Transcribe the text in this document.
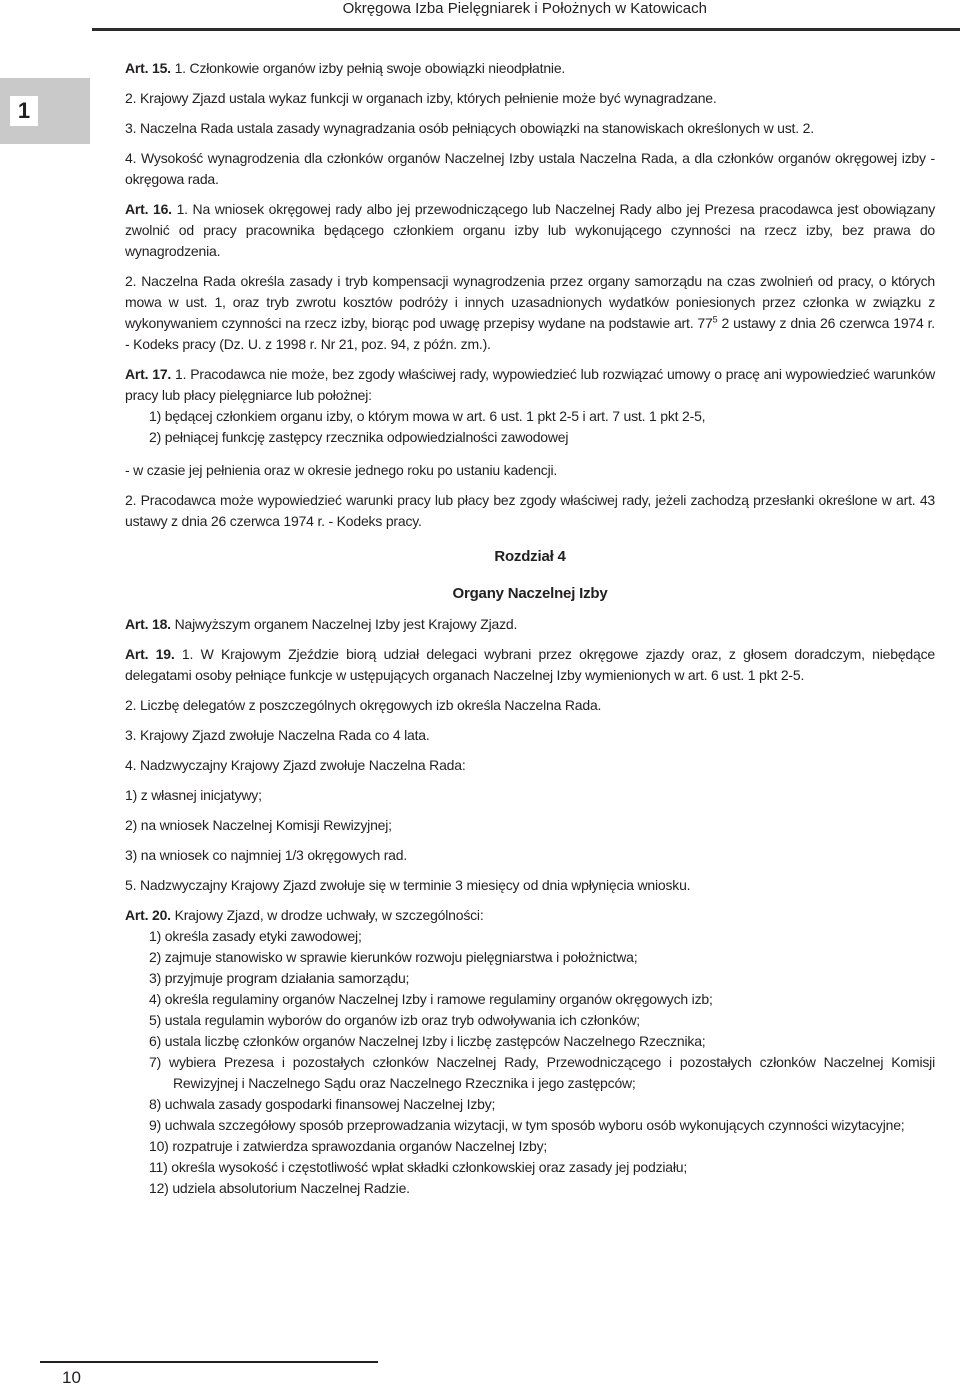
Okręgowa Izba Pielęgniarek i Położnych w Katowicach
1

Art. 15. 1. Członkowie organów izby pełnią swoje obowiązki nieodpłatnie.

2. Krajowy Zjazd ustala wykaz funkcji w organach izby, których pełnienie może być wynagradzane.

3. Naczelna Rada ustala zasady wynagradzania osób pełniących obowiązki na stanowiskach określonych w ust. 2.

4. Wysokość wynagrodzenia dla członków organów Naczelnej Izby ustala Naczelna Rada, a dla członków organów okręgowej izby - okręgowa rada.

Art. 16. 1. Na wniosek okręgowej rady albo jej przewodniczącego lub Naczelnej Rady albo jej Prezesa pracodawca jest obowiązany zwolnić od pracy pracownika będącego członkiem organu izby lub wykonującego czynności na rzecz izby, bez prawa do wynagrodzenia.

2. Naczelna Rada określa zasady i tryb kompensacji wynagrodzenia przez organy samorządu na czas zwolnień od pracy, o których mowa w ust. 1, oraz tryb zwrotu kosztów podróży i innych uzasadnionych wydatków poniesionych przez członka w związku z wykonywaniem czynności na rzecz izby, biorąc pod uwagę przepisy wydane na podstawie art. $77^5$ 2 ustawy z dnia 26 czerwca 1974 r. - Kodeks pracy (Dz. U. z 1998 r. Nr 21, poz. 94, z późn. zm.).

Art. 17. 1. Pracodawca nie może, bez zgody właściwej rady, wypowiedzieć lub rozwiązać umowy o pracę ani wypowiedzieć warunków pracy lub płacy pielęgniarce lub położnej:

1) będącej członkiem organu izby, o którym mowa w art. 6 ust. 1 pkt 2-5 i art. 7 ust. 1 pkt 2-5,
2) pełniącej funkcję zastępcy rzecznika odpowiedzialności zawodowej

- w czasie jej pełnienia oraz w okresie jednego roku po ustaniu kadencji.

2. Pracodawca może wypowiedzieć warunki pracy lub płacy bez zgody właściwej rady, jeżeli zachodzą przesłanki określone w art. 43 ustawy z dnia 26 czerwca 1974 r. - Kodeks pracy.

Rozdział 4
Organy Naczelnej Izby

Art. 18. Najwyższym organem Naczelnej Izby jest Krajowy Zjazd.

Art. 19. 1. W Krajowym Zjeździe biorą udział delegaci wybrani przez okręgowe zjazdy oraz, z głosem doradczym, niebędące delegatami osoby pełniące funkcje w ustępujących organach Naczelnej Izby wymienionych w art. 6 ust. 1 pkt 2-5.

2. Liczbę delegatów z poszczególnych okręgowych izb określa Naczelna Rada.

3. Krajowy Zjazd zwołuje Naczelna Rada co 4 lata.

4. Nadzwyczajny Krajowy Zjazd zwołuje Naczelna Rada:

1) z własnej inicjatywy;

2) na wniosek Naczelnej Komisji Rewizyjnej;

3) na wniosek co najmniej 1/3 okręgowych rad.

5. Nadzwyczajny Krajowy Zjazd zwołuje się w terminie 3 miesięcy od dnia wpłynięcia wniosku.

Art. 20. Krajowy Zjazd, w drodze uchwały, w szczególności:

1) określa zasady etyki zawodowej;
2) zajmuje stanowisko w sprawie kierunków rozwoju pielęgniarstwa i położnictwa;
3) przyjmuje program działania samorządu;
4) określa regulaminy organów Naczelnej Izby i ramowe regulaminy organów okręgowych izb;
5) ustala regulamin wyborów do organów izb oraz tryb odwoływania ich członków;
6) ustala liczbę członków organów Naczelnej Izby i liczbę zastępców Naczelnego Rzecznika;
7) wybiera Prezesa i pozostałych członków Naczelnej Rady, Przewodniczącego i pozostałych członków Naczelnej Komisji Rewizyjnej i Naczelnego Sądu oraz Naczelnego Rzecznika i jego zastępców;
8) uchwala zasady gospodarki finansowej Naczelnej Izby;
9) uchwala szczegółowy sposób przeprowadzania wizytacji, w tym sposób wyboru osób wykonujących czynności wizytacyjne;
10) rozpatruje i zatwierdza sprawozdania organów Naczelnej Izby;
11) określa wysokość i częstotliwość wpłat składki członkowskiej oraz zasady jej podziału;
12) udziela absolutorium Naczelnej Radzie.
10
